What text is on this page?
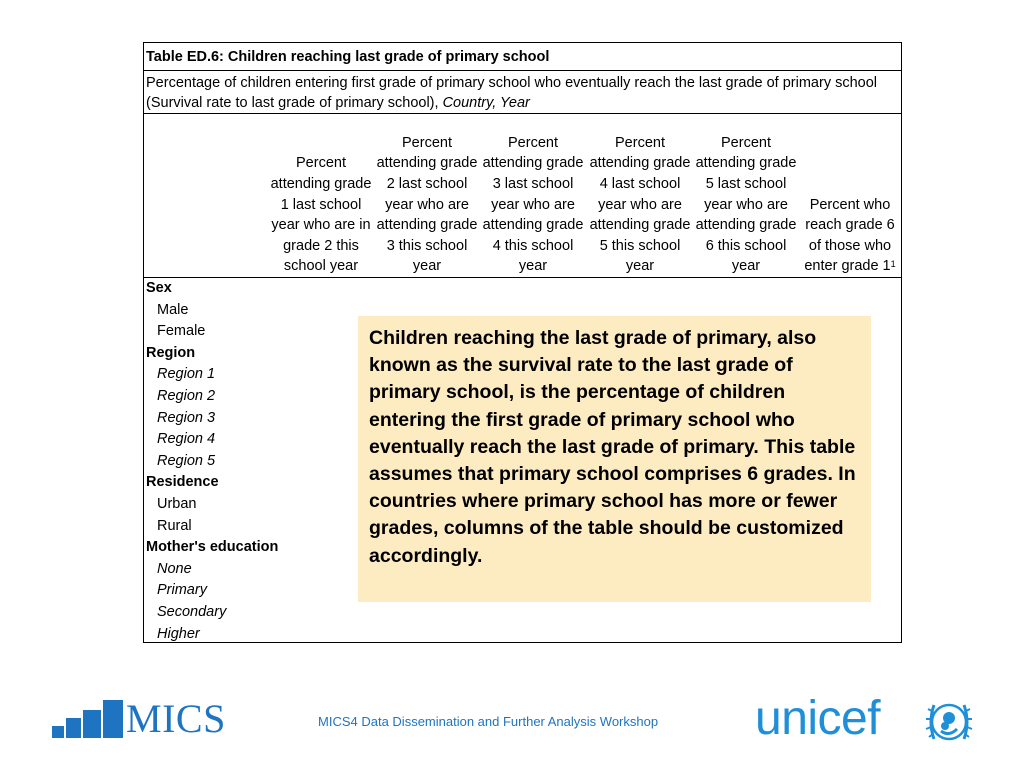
Table ED.6: Children reaching last grade of primary school
Percentage of children entering first grade of primary school who eventually reach the last grade of primary school (Survival rate to last grade of primary school), Country, Year
Percent attending grade 1 last school year who are in grade 2 this school year
Percent attending grade 2 last school year who are attending grade 3 this school year
Percent attending grade 3 last school year who are attending grade 4 this school year
Percent attending grade 4 last school year who are attending grade 5 this school year
Percent attending grade 5 last school year who are attending grade 6 this school year
Percent who reach grade 6 of those who enter grade $1^1$
Sex
Male
Female
Region
Region 1
Region 2
Region 3
Region 4
Region 5
Residence
Urban
Rural
Mother's education
None
Primary
Secondary
Higher
Children reaching the last grade of primary, also known as the survival rate to the last grade of primary school, is the percentage of children entering the first grade of primary school who eventually reach the last grade of primary. This table assumes that primary school comprises 6 grades. In countries where primary school has more or fewer grades, columns of the table should be customized accordingly.
MICS	MICS4 Data Dissemination and Further Analysis Workshop unicef
